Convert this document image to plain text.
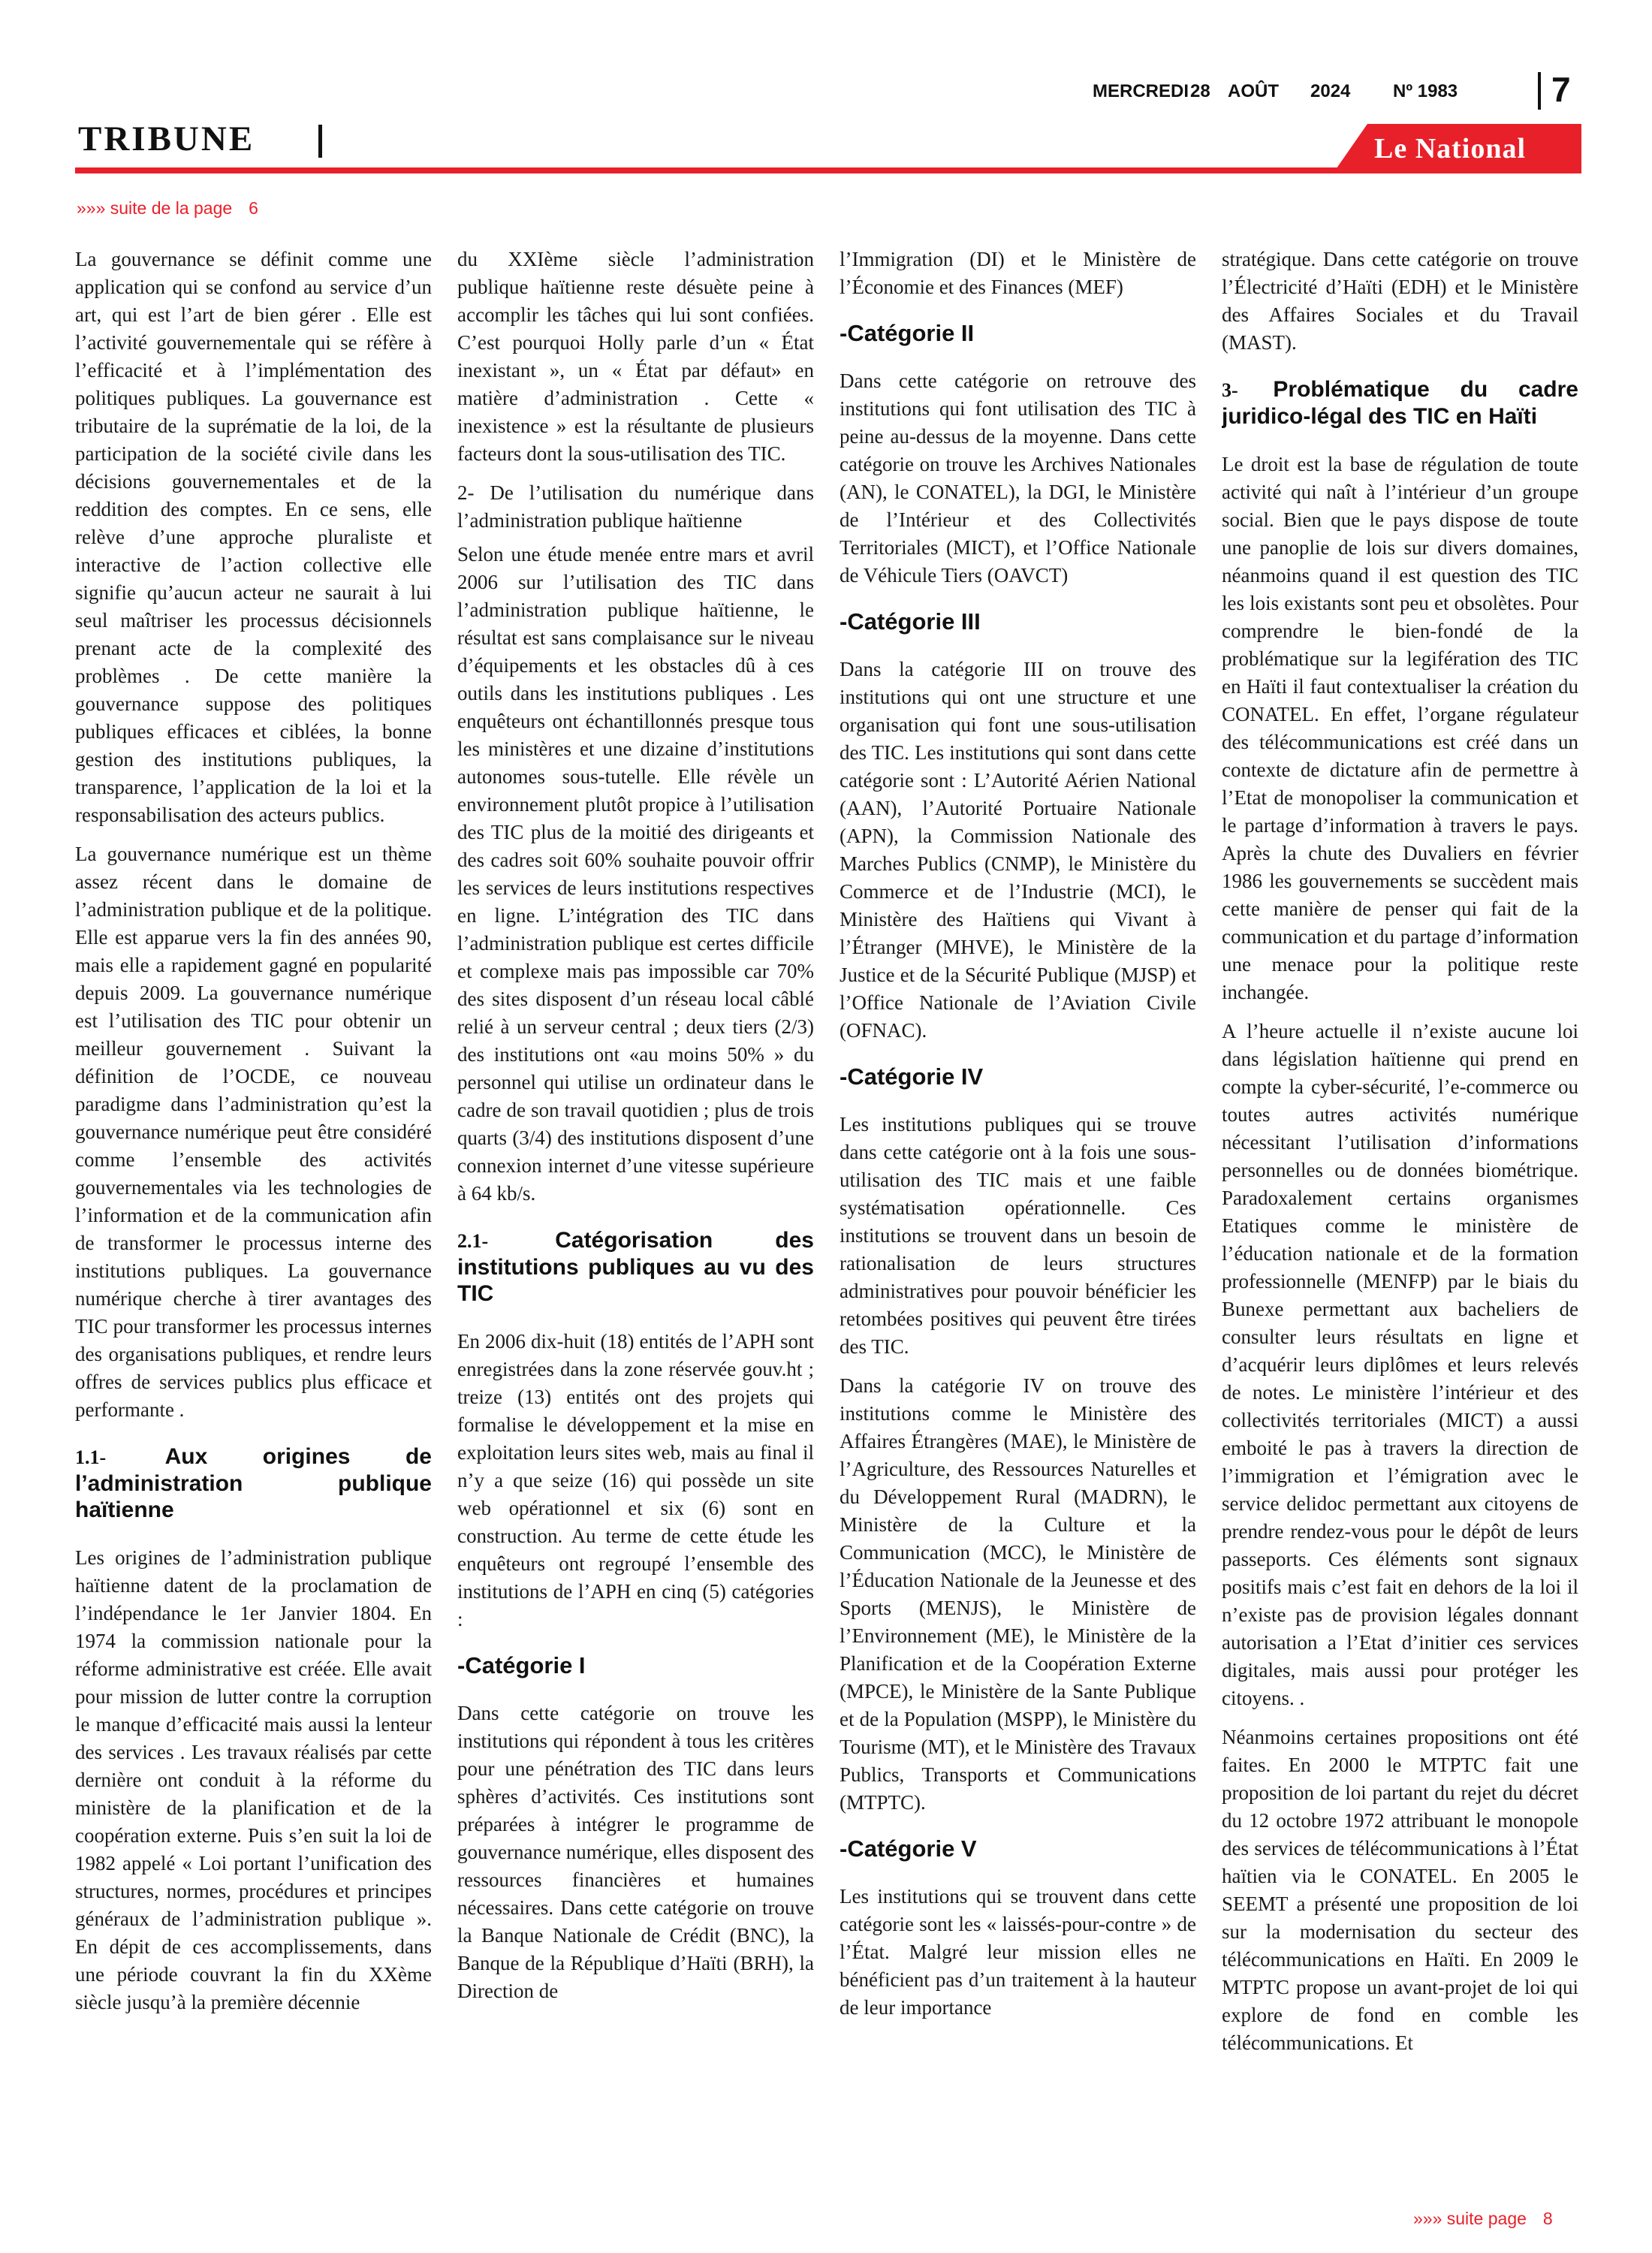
MERCREDI28 AOÛT 2024 Nº 1983	7
TRIBUNE	Le National
»»» suite de la page 6

La gouvernance se définit comme une application qui se confond au service d’un art, qui est l’art de bien gérer . Elle est l’activité gouvernementale qui se réfère à l’efficacité et à l’implémentation des politiques publiques. La gouvernance est tributaire de la suprématie de la loi, de la participation de la société civile dans les décisions gouvernementales et de la reddition des comptes. En ce sens, elle relève d’une approche pluraliste et interactive de l’action collective elle signifie qu’aucun acteur ne saurait à lui seul maîtriser les processus décisionnels prenant acte de la complexité des problèmes . De cette manière la gouvernance suppose des politiques publiques efficaces et ciblées, la bonne gestion des institutions publiques, la transparence, l’application de la loi et la responsabilisation des acteurs publics.

La gouvernance numérique est un thème assez récent dans le domaine de l’administration publique et de la politique. Elle est apparue vers la fin des années 90, mais elle a rapidement gagné en popularité depuis 2009. La gouvernance numérique est l’utilisation des TIC pour obtenir un meilleur gouvernement . Suivant la définition de l’OCDE, ce nouveau paradigme dans l’administration qu’est la gouvernance numérique peut être considéré comme l’ensemble des activités gouvernementales via les technologies de l’information et de la communication afin de transformer le processus interne des institutions publiques. La gouvernance numérique cherche à tirer avantages des TIC pour transformer les processus internes des organisations publiques, et rendre leurs offres de services publics plus efficace et performante .

1.1-	Aux origines de l’administration publique haïtienne

Les origines de l’administration publique haïtienne datent de la proclamation de l’indépendance le 1er Janvier 1804. En 1974 la commission nationale pour la réforme administrative est créée. Elle avait pour mission de lutter contre la corruption le manque d’efficacité mais aussi la lenteur des services . Les travaux réalisés par cette dernière ont conduit à la réforme du ministère de la planification et de la coopération externe. Puis s’en suit la loi de 1982 appelé « Loi portant l’unification des structures, normes, procédures et principes généraux de l’administration publique ». En dépit de ces accomplissements, dans une période couvrant la fin du XXème siècle jusqu’à la première décennie

du XXIème siècle l’administration publique haïtienne reste désuète peine à accomplir les tâches qui lui sont confiées. C’est pourquoi Holly parle d’un « État inexistant », un « État par défaut» en matière d’administration . Cette « inexistence » est la résultante de plusieurs facteurs dont la sous-utilisation des TIC.

2- De l’utilisation du numérique dans l’administration publique haïtienne

Selon une étude menée entre mars et avril 2006 sur l’utilisation des TIC dans l’administration publique haïtienne, le résultat est sans complaisance sur le niveau d’équipements et les obstacles dû à ces outils dans les institutions publiques . Les enquêteurs ont échantillonnés presque tous les ministères et une dizaine d’institutions autonomes sous-tutelle. Elle révèle un environnement plutôt propice à l’utilisation des TIC plus de la moitié des dirigeants et des cadres soit 60% souhaite pouvoir offrir les services de leurs institutions respectives en ligne. L’intégration des TIC dans l’administration publique est certes difficile et complexe mais pas impossible car 70% des sites disposent d’un réseau local câblé relié à un serveur central ; deux tiers (2/3) des institutions ont «au moins 50% » du personnel qui utilise un ordinateur dans le cadre de son travail quotidien ; plus de trois quarts (3/4) des institutions disposent d’une connexion internet d’une vitesse supérieure à 64 kb/s.

2.1-	Catégorisation des institutions publiques au vu des TIC

En 2006 dix-huit (18) entités de l’APH sont enregistrées dans la zone réservée gouv.ht ; treize (13) entités ont des projets qui formalise le développement et la mise en exploitation leurs sites web, mais au final il n’y a que seize (16) qui possède un site web opérationnel et six (6) sont en construction. Au terme de cette étude les enquêteurs ont regroupé l’ensemble des institutions de l’APH en cinq (5) catégories :

-Catégorie I

Dans cette catégorie on trouve les institutions qui répondent à tous les critères pour une pénétration des TIC dans leurs sphères d’activités. Ces institutions sont préparées à intégrer le programme de gouvernance numérique, elles disposent des ressources financières et humaines nécessaires. Dans cette catégorie on trouve la Banque Nationale de Crédit (BNC), la Banque de la République d’Haïti (BRH), la Direction de

l’Immigration (DI) et le Ministère de l’Économie et des Finances (MEF)

-Catégorie II

Dans cette catégorie on retrouve des institutions qui font utilisation des TIC à peine au-dessus de la moyenne. Dans cette catégorie on trouve les Archives Nationales (AN), le CONATEL), la DGI, le Ministère de l’Intérieur et des Collectivités Territoriales (MICT), et l’Office Nationale de Véhicule Tiers (OAVCT)

-Catégorie III

Dans la catégorie III on trouve des institutions qui ont une structure et une organisation qui font une sous-utilisation des TIC. Les institutions qui sont dans cette catégorie sont : L’Autorité Aérien National (AAN), l’Autorité Portuaire Nationale (APN), la Commission Nationale des Marches Publics (CNMP), le Ministère du Commerce et de l’Industrie (MCI), le Ministère des Haïtiens qui Vivant à l’Étranger (MHVE), le Ministère de la Justice et de la Sécurité Publique (MJSP) et l’Office Nationale de l’Aviation Civile (OFNAC).

-Catégorie IV

Les institutions publiques qui se trouve dans cette catégorie ont à la fois une sous-utilisation des TIC mais et une faible systématisation opérationnelle. Ces institutions se trouvent dans un besoin de rationalisation de leurs structures administratives pour pouvoir bénéficier les retombées positives qui peuvent être tirées des TIC.

Dans la catégorie IV on trouve des institutions comme le Ministère des Affaires Étrangères (MAE), le Ministère de l’Agriculture, des Ressources Naturelles et du Développement Rural (MADRN), le Ministère de la Culture et la Communication (MCC), le Ministère de l’Éducation Nationale de la Jeunesse et des Sports (MENJS), le Ministère de l’Environnement (ME), le Ministère de la Planification et de la Coopération Externe (MPCE), le Ministère de la Sante Publique et de la Population (MSPP), le Ministère du Tourisme (MT), et le Ministère des Travaux Publics, Transports et Communications (MTPTC).

-Catégorie V

Les institutions qui se trouvent dans cette catégorie sont les « laissés-pour-contre » de l’État. Malgré leur mission elles ne bénéficient pas d’un traitement à la hauteur de leur importance

stratégique. Dans cette catégorie on trouve l’Électricité d’Haïti (EDH) et le Ministère des Affaires Sociales et du Travail (MAST).

3- Problématique du cadre juridico-légal des TIC en Haïti

Le droit est la base de régulation de toute activité qui naît à l’intérieur d’un groupe social. Bien que le pays dispose de toute une panoplie de lois sur divers domaines, néanmoins quand il est question des TIC les lois existants sont peu et obsolètes. Pour comprendre le bien-fondé de la problématique sur la legifération des TIC en Haïti il faut contextualiser la création du CONATEL. En effet, l’organe régulateur des télécommunications est créé dans un contexte de dictature afin de permettre à l’Etat de monopoliser la communication et le partage d’information à travers le pays. Après la chute des Duvaliers en février 1986 les gouvernements se succèdent mais cette manière de penser qui fait de la communication et du partage d’information une menace pour la politique reste inchangée.

A l’heure actuelle il n’existe aucune loi dans législation haïtienne qui prend en compte la cyber-sécurité, l’e-commerce ou toutes autres activités numérique nécessitant l’utilisation d’informations personnelles ou de données biométrique. Paradoxalement certains organismes Etatiques comme le ministère de l’éducation nationale et de la formation professionnelle (MENFP) par le biais du Bunexe permettant aux bacheliers de consulter leurs résultats en ligne et d’acquérir leurs diplômes et leurs relevés de notes. Le ministère l’intérieur et des collectivités territoriales (MICT) a aussi emboité le pas à travers la direction de l’immigration et l’émigration avec le service delidoc permettant aux citoyens de prendre rendez-vous pour le dépôt de leurs passeports. Ces éléments sont signaux positifs mais c’est fait en dehors de la loi il n’existe pas de provision légales donnant autorisation a l’Etat d’initier ces services digitales, mais aussi pour protéger les citoyens. .

Néanmoins certaines propositions ont été faites. En 2000 le MTPTC fait une proposition de loi partant du rejet du décret du 12 octobre 1972 attribuant le monopole des services de télécommunications à l’État haïtien via le CONATEL. En 2005 le SEEMT a présenté une proposition de loi sur la modernisation du secteur des télécommunications en Haïti. En 2009 le MTPTC propose un avant-projet de loi qui explore de fond en comble les télécommunications. Et

»»» suite page 8
